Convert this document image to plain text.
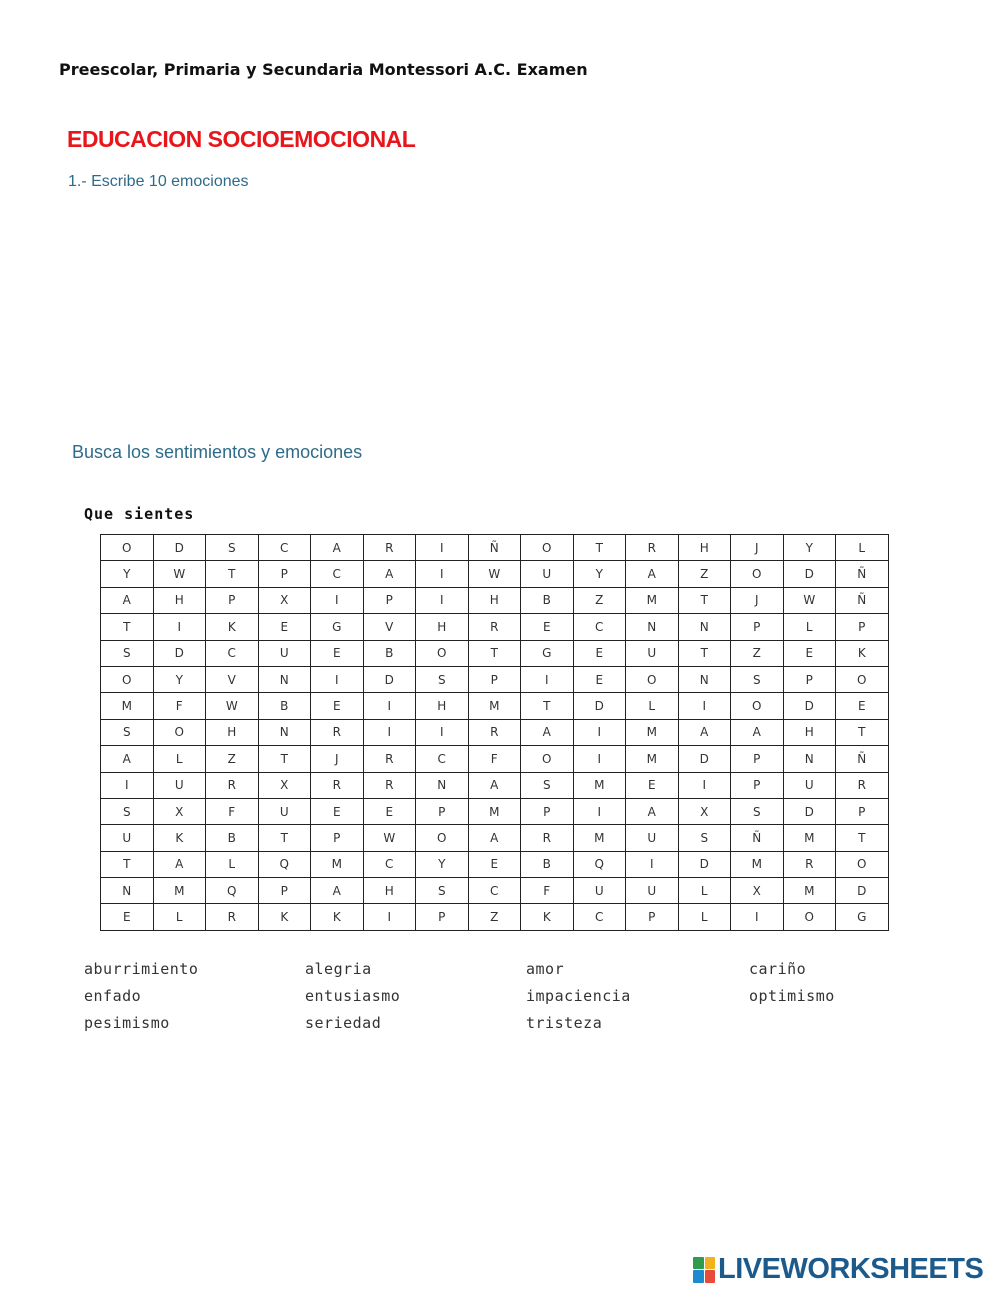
Preescolar, Primaria y Secundaria Montessori A.C. Examen
EDUCACION SOCIOEMOCIONAL
1.- Escribe 10 emociones
Busca los sentimientos y emociones
Que sientes
O	D	S	C	A	R	I	Ñ	O	T	R	H	J	Y	L
Y	W	T	P	C	A	I	W	U	Y	A	Z	O	D	Ñ
A	H	P	X	I	P	I	H	B	Z	M	T	J	W	Ñ
T	I	K	E	G	V	H	R	E	C	N	N	P	L	P
S	D	C	U	E	B	O	T	G	E	U	T	Z	E	K
O	Y	V	N	I	D	S	P	I	E	O	N	S	P	O
M	F	W	B	E	I	H	M	T	D	L	I	O	D	E
S	O	H	N	R	I	I	R	A	I	M	A	A	H	T
A	L	Z	T	J	R	C	F	O	I	M	D	P	N	Ñ
I	U	R	X	R	R	N	A	S	M	E	I	P	U	R
S	X	F	U	E	E	P	M	P	I	A	X	S	D	P
U	K	B	T	P	W	O	A	R	M	U	S	Ñ	M	T
T	A	L	Q	M	C	Y	E	B	Q	I	D	M	R	O
N	M	Q	P	A	H	S	C	F	U	U	L	X	M	D
E	L	R	K	K	I	P	Z	K	C	P	L	I	O	G
aburrimiento	alegria	amor	cariño
enfado	entusiasmo	impaciencia	optimismo
pesimismo	seriedad	tristeza
LIVEWORKSHEETS
